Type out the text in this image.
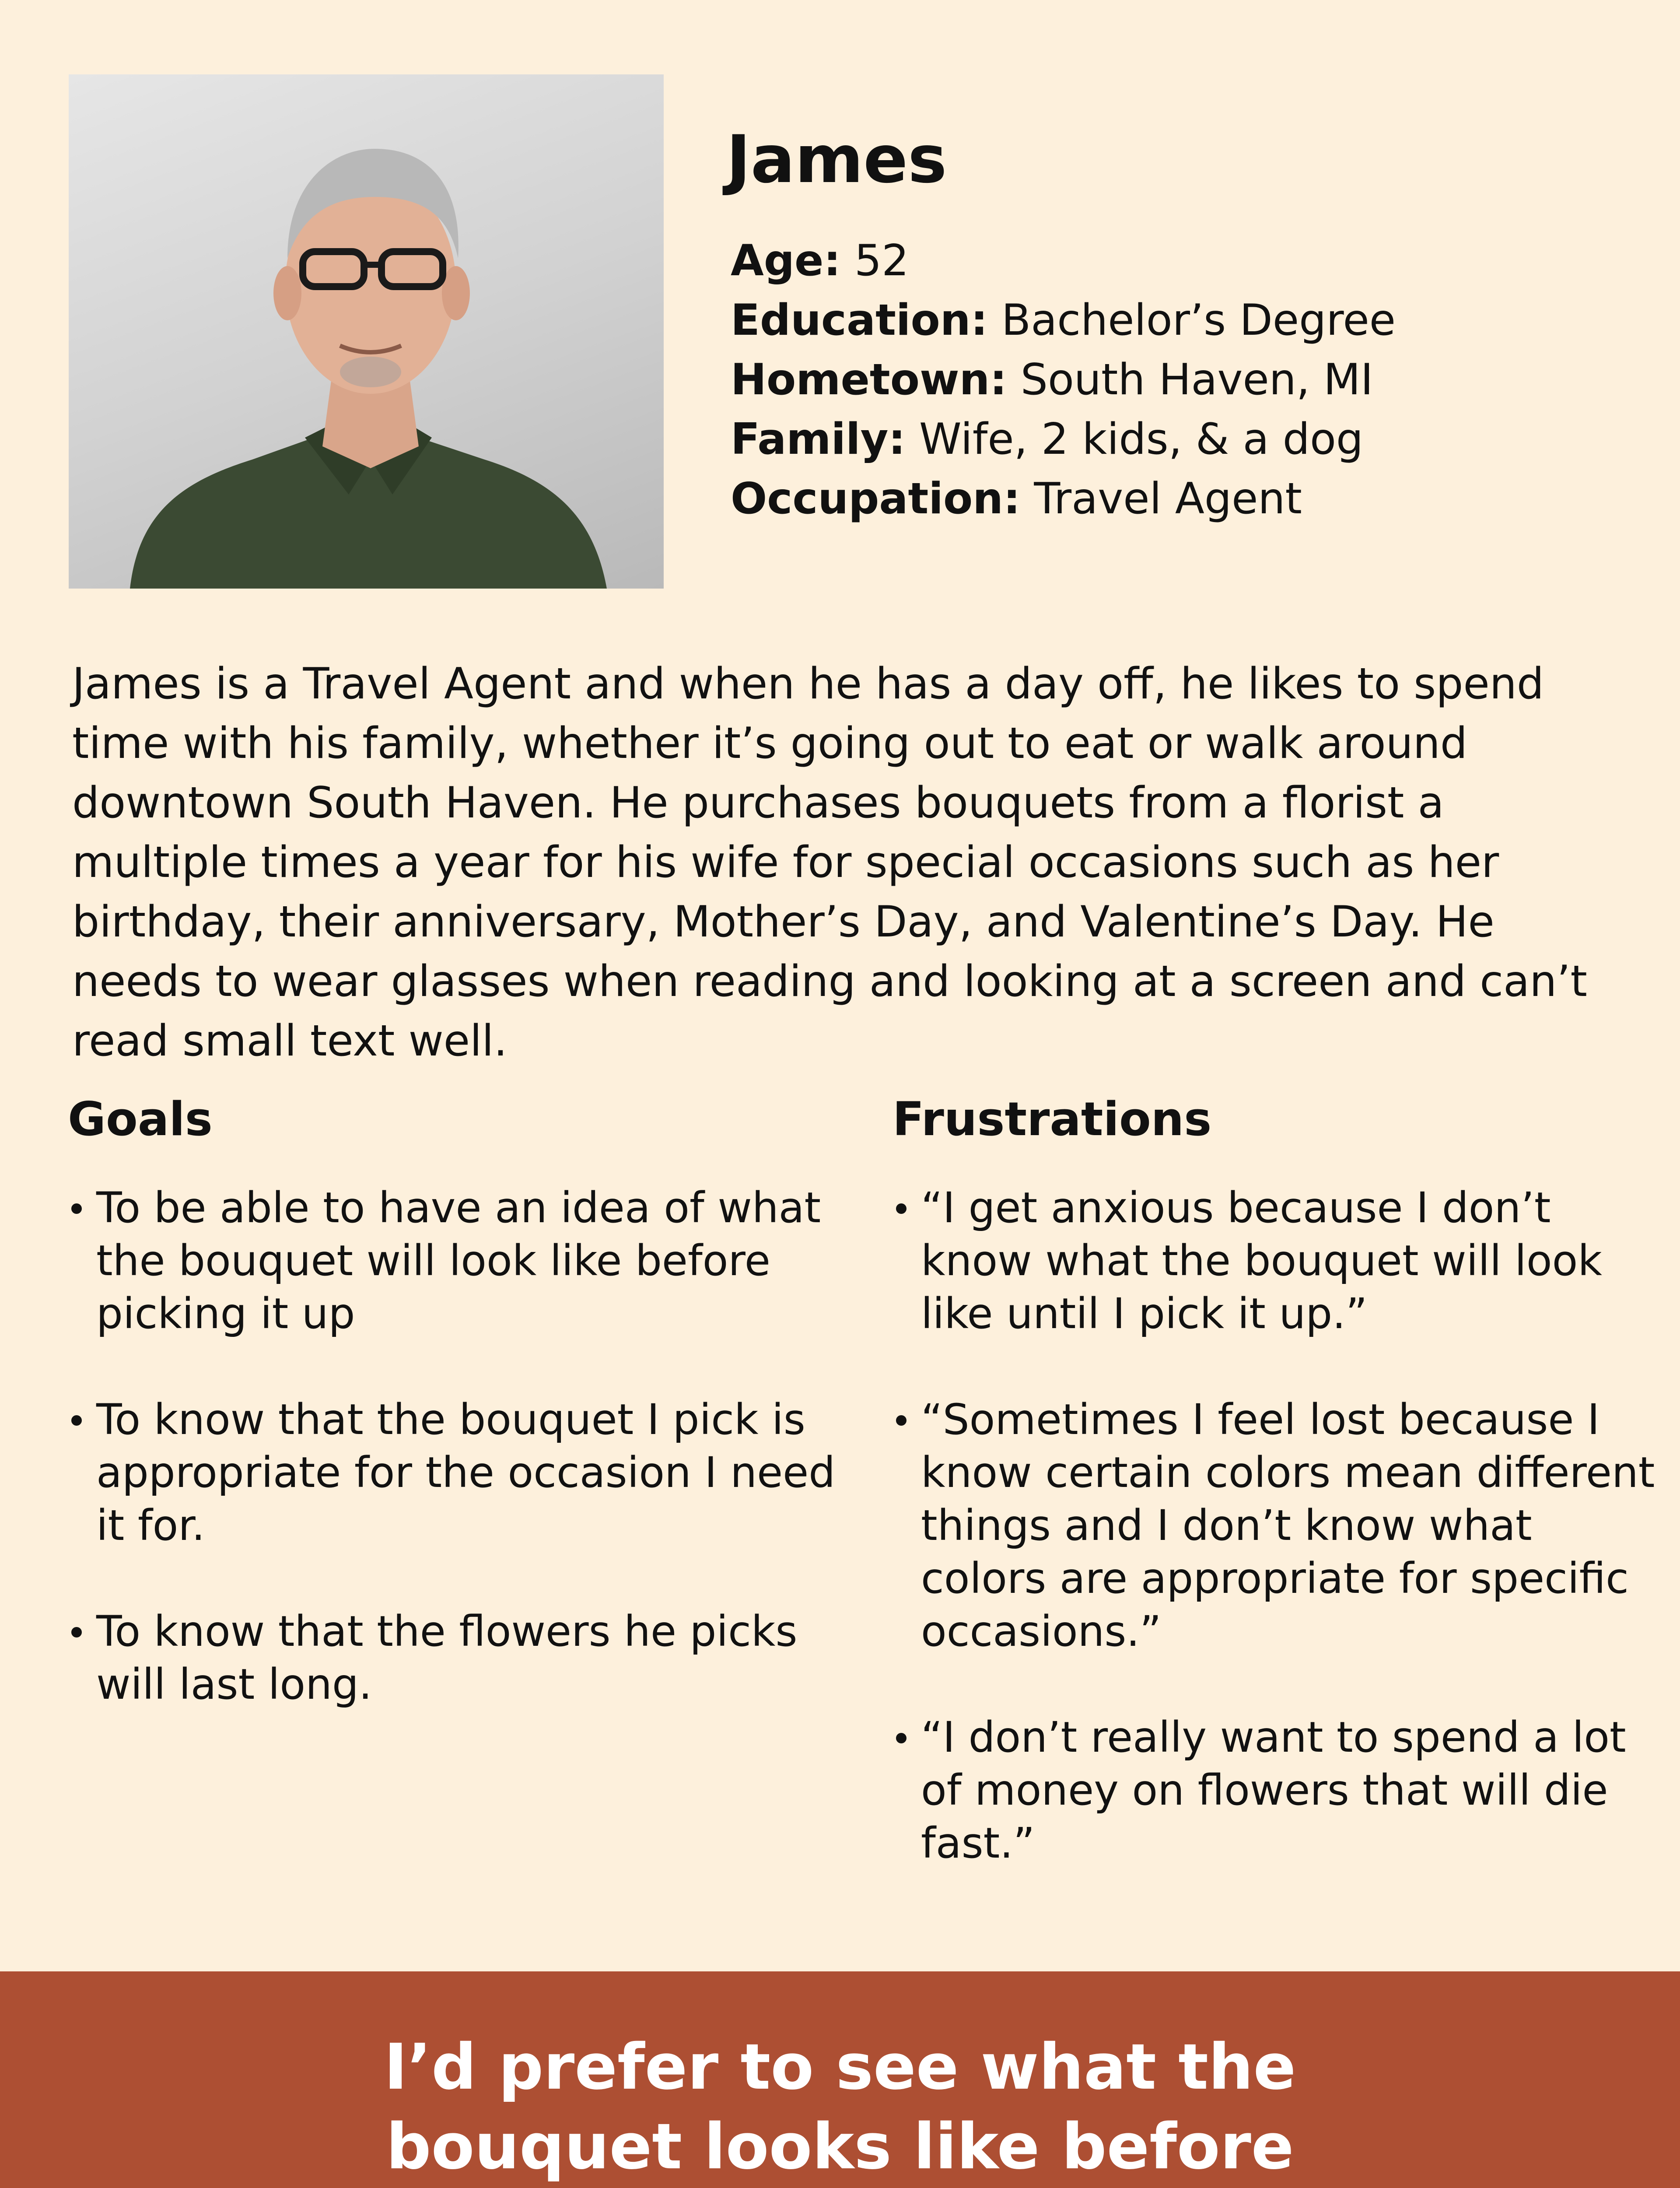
James
Age: 52
Education: Bachelor’s Degree
Hometown: South Haven, MI
Family: Wife, 2 kids, & a dog
Occupation: Travel Agent

James is a Travel Agent and when he has a day off, he likes to spend time with his family, whether it’s going out to eat or walk around downtown South Haven. He purchases bouquets from a florist a multiple times a year for his wife for special occasions such as her birthday, their anniversary, Mother’s Day, and Valentine’s Day. He needs to wear glasses when reading and looking at a screen and can’t read small text well.

Goals
To be able to have an idea of what the bouquet will look like before picking it up
To know that the bouquet I pick is appropriate for the occasion I need it for.
To know that the flowers he picks will last long.
Frustrations
“I get anxious because I don’t know what the bouquet will look like until I pick it up.”
“Sometimes I feel lost because I know certain colors mean different things and I don’t know what colors are appropriate for specific occasions.”
“I don’t really want to spend a lot of money on flowers that will die fast.”
I’d prefer to see what the bouquet looks like before
